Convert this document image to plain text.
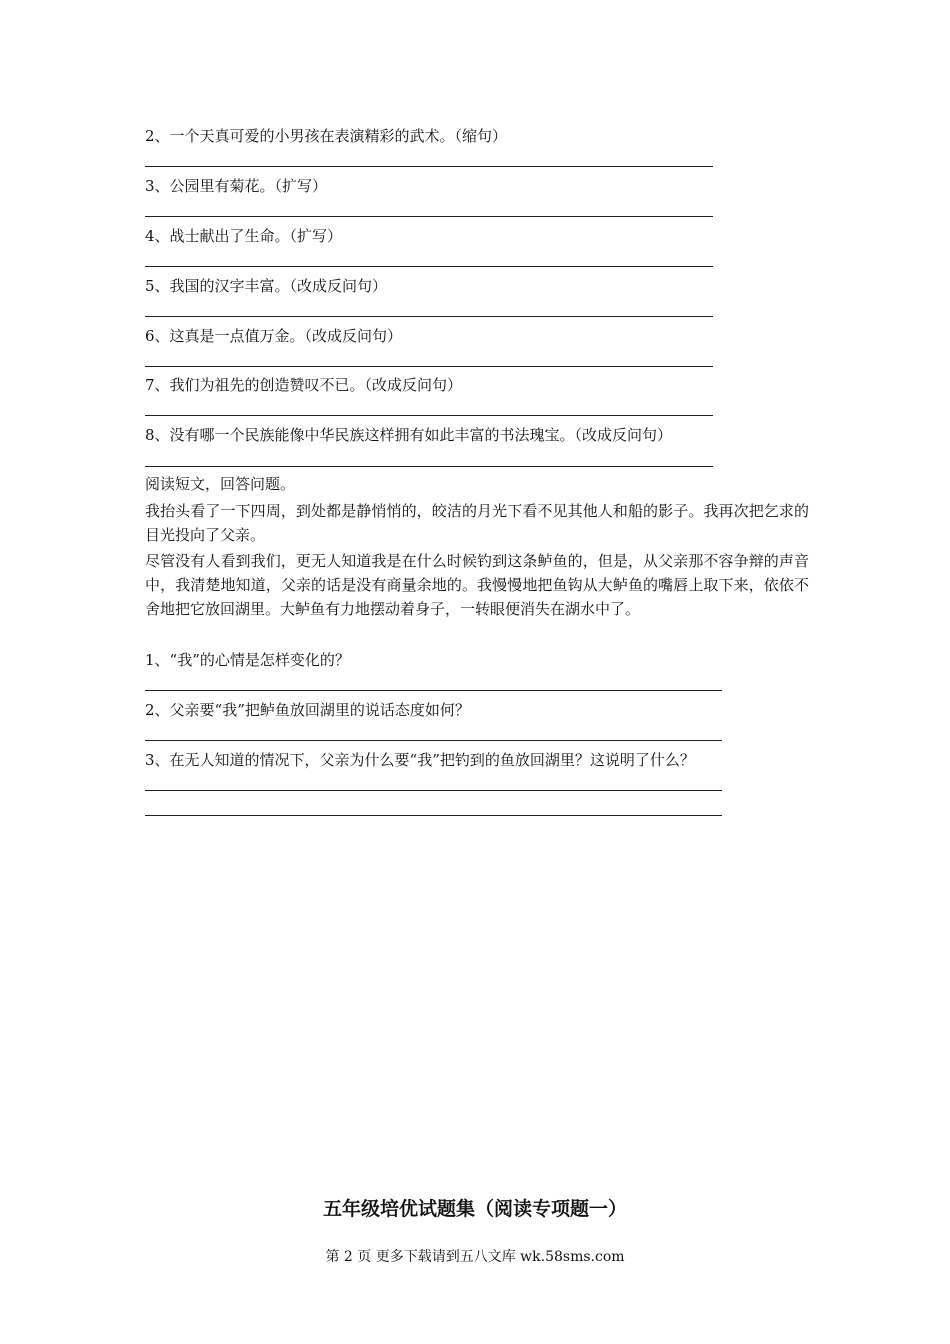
2、一个天真可爱的小男孩在表演精彩的武术。（缩句）
3、公园里有菊花。（扩写）
4、战士献出了生命。（扩写）
5、我国的汉字丰富。（改成反问句）
6、这真是一点值万金。（改成反问句）
7、我们为祖先的创造赞叹不已。（改成反问句）
8、没有哪一个民族能像中华民族这样拥有如此丰富的书法瑰宝。（改成反问句）
阅读短文，回答问题。
我抬头看了一下四周，到处都是静悄悄的，皎洁的月光下看不见其他人和船的影子。我再次把乞求的目光投向了父亲。
尽管没有人看到我们，更无人知道我是在什么时候钓到这条鲈鱼的，但是，从父亲那不容争辩的声音中，我清楚地知道，父亲的话是没有商量余地的。我慢慢地把鱼钩从大鲈鱼的嘴唇上取下来，依依不舍地把它放回湖里。大鲈鱼有力地摆动着身子，一转眼便消失在湖水中了。
1、“我”的心情是怎样变化的？
2、父亲要“我”把鲈鱼放回湖里的说话态度如何？
3、在无人知道的情况下，父亲为什么要“我”把钓到的鱼放回湖里？这说明了什么？
五年级培优试题集（阅读专项题一）
第 2 页 更多下载请到五八文库 wk.58sms.com
